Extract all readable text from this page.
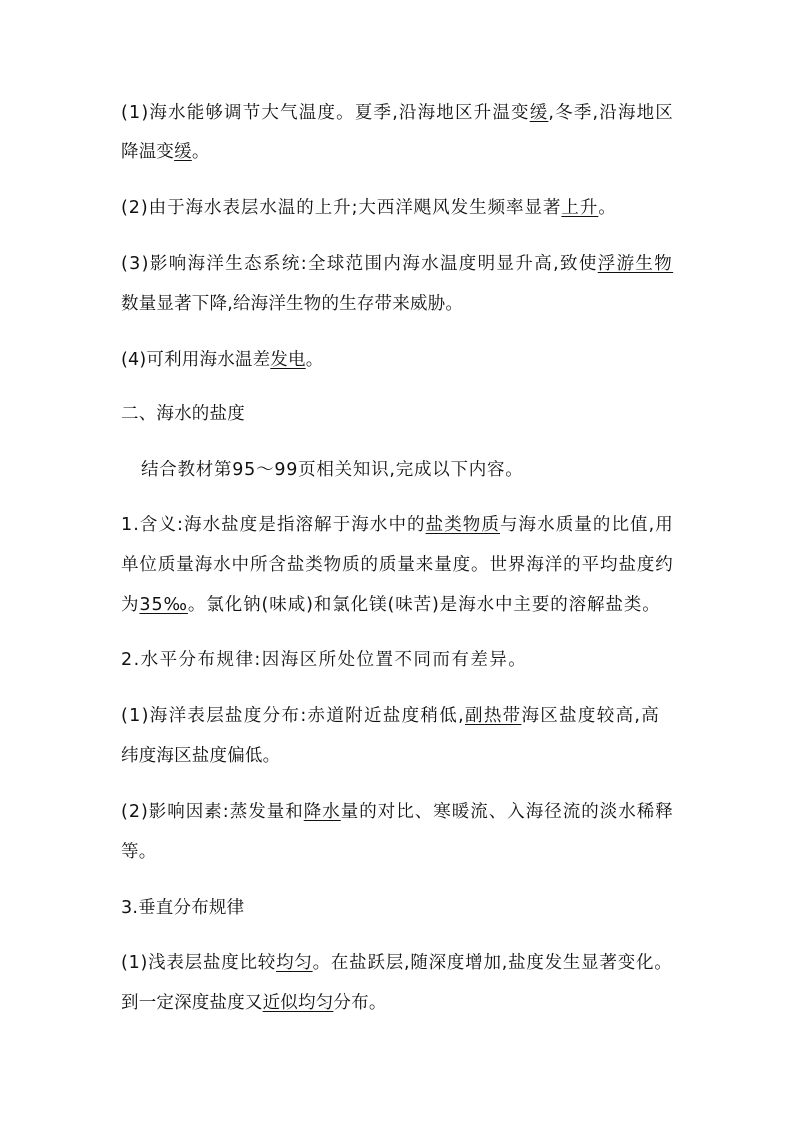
(1)海水能够调节大气温度。夏季,沿海地区升温变缓,冬季,沿海地区
降温变缓。
(2)由于海水表层水温的上升;大西洋飓风发生频率显著上升。
(3)影响海洋生态系统:全球范围内海水温度明显升高,致使浮游生物
数量显著下降,给海洋生物的生存带来威胁。
(4)可利用海水温差发电。
二、海水的盐度
结合教材第95～99页相关知识,完成以下内容。
1.含义:海水盐度是指溶解于海水中的盐类物质与海水质量的比值,用
单位质量海水中所含盐类物质的质量来量度。世界海洋的平均盐度约
为35‰。氯化钠(味咸)和氯化镁(味苦)是海水中主要的溶解盐类。
2.水平分布规律:因海区所处位置不同而有差异。
(1)海洋表层盐度分布:赤道附近盐度稍低,副热带海区盐度较高,高
纬度海区盐度偏低。
(2)影响因素:蒸发量和降水量的对比、寒暖流、入海径流的淡水稀释
等。
3.垂直分布规律
(1)浅表层盐度比较均匀。在盐跃层,随深度增加,盐度发生显著变化。
到一定深度盐度又近似均匀分布。
